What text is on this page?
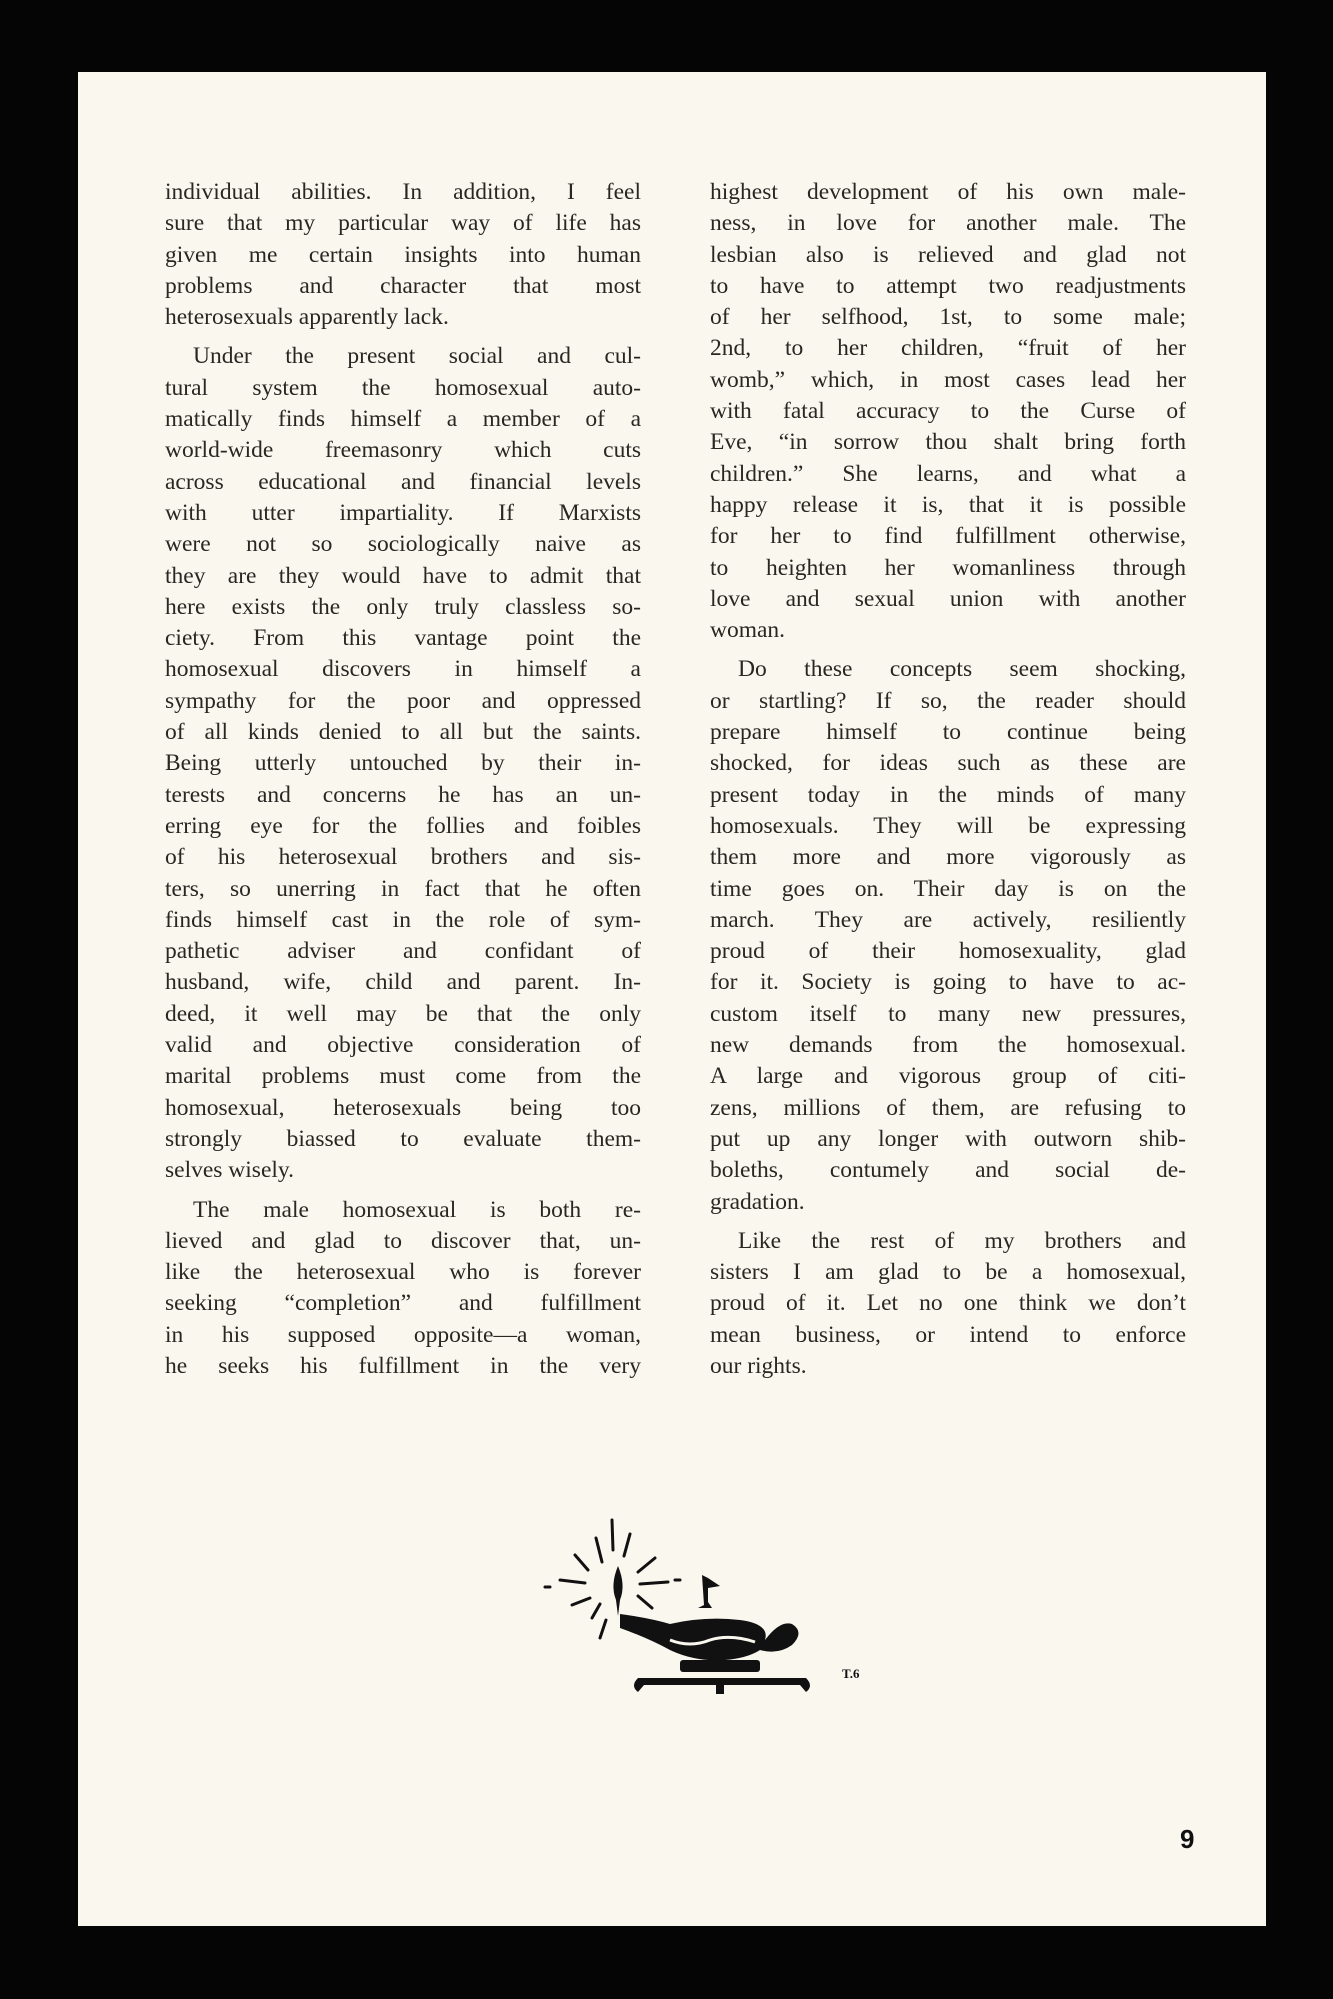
individual abilities. In addition, I feel
sure that my particular way of life has
given me certain insights into human
problems and character that most
heterosexuals apparently lack.
Under the present social and cul-
tural system the homosexual auto-
matically finds himself a member of a
world-wide freemasonry which cuts
across educational and financial levels
with utter impartiality. If Marxists
were not so sociologically naive as
they are they would have to admit that
here exists the only truly classless so-
ciety. From this vantage point the
homosexual discovers in himself a
sympathy for the poor and oppressed
of all kinds denied to all but the saints.
Being utterly untouched by their in-
terests and concerns he has an un-
erring eye for the follies and foibles
of his heterosexual brothers and sis-
ters, so unerring in fact that he often
finds himself cast in the role of sym-
pathetic adviser and confidant of
husband, wife, child and parent. In-
deed, it well may be that the only
valid and objective consideration of
marital problems must come from the
homosexual, heterosexuals being too
strongly biassed to evaluate them-
selves wisely.
The male homosexual is both re-
lieved and glad to discover that, un-
like the heterosexual who is forever
seeking “completion” and fulfillment
in his supposed opposite—a woman,
he seeks his fulfillment in the very
highest development of his own male-
ness, in love for another male. The
lesbian also is relieved and glad not
to have to attempt two readjustments
of her selfhood, 1st, to some male;
2nd, to her children, “fruit of her
womb,” which, in most cases lead her
with fatal accuracy to the Curse of
Eve, “in sorrow thou shalt bring forth
children.” She learns, and what a
happy release it is, that it is possible
for her to find fulfillment otherwise,
to heighten her womanliness through
love and sexual union with another
woman.
Do these concepts seem shocking,
or startling? If so, the reader should
prepare himself to continue being
shocked, for ideas such as these are
present today in the minds of many
homosexuals. They will be expressing
them more and more vigorously as
time goes on. Their day is on the
march. They are actively, resiliently
proud of their homosexuality, glad
for it. Society is going to have to ac-
custom itself to many new pressures,
new demands from the homosexual.
A large and vigorous group of citi-
zens, millions of them, are refusing to
put up any longer with outworn shib-
boleths, contumely and social de-
gradation.
Like the rest of my brothers and
sisters I am glad to be a homosexual,
proud of it. Let no one think we don’t
mean business, or intend to enforce
our rights.
T.6
9
